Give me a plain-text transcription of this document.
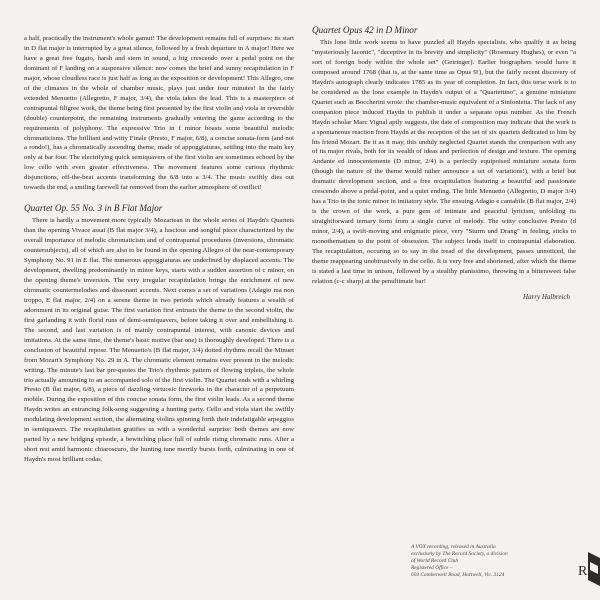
a half, practically the instrument's whole gamut! The development remains full of surprises: its start in D flat major is interrupted by a great silence, followed by a fresh departure in A major! Here we have a great free fugato, harsh and stern in sound, a big crescendo over a pedal point on the dominant of F landing on a suspensive silence: now comes the brief and sunny recapitulation in F major, whose cloudless race is just half as long as the exposition or development! This Allegro, one of the climaxes in the whole of chamber music, plays just under four minutes! In the fairly extended Menuetto (Allegretto, F major, 3/4), the viola takes the lead. This is a masterpiece of contrapuntal filigree work, the theme being first presented by the first violin and viola in reversible (double) counterpoint, the remaining instruments gradually entering the game according to the requirements of polyphony. The expressive Trio in f minor boasts some beautiful melodic chromaticisms. The brilliant and witty Finale (Presto, F major, 6/8), a concise sonata-form (and not a rondo!), has a chromatically ascending theme, made of appoggiaturas, settling into the main key only at bar four. The electrifying quick semiquavers of the first violin are sometimes echoed by the low cello with even greater effectiveness. The movement features some curious rhythmic disjunctions, off-the-beat accents transforming the 6/8 into a 3/4. The music swiftly dies out towards the end, a smiling farewell far removed from the earlier atmosphere of conflict!

Quartet Op. 55 No. 3 in B Flat Major

There is hardly a movement more typically Mozartean in the whole series of Haydn's Quartets than the opening Vivace assai (B flat major 3/4), a luscious and songful piece characterized by the overall importance of melodic chromaticism and of contrapuntal procedures (inversions, chromatic countersubjects), all of which are also to be found in the opening Allegro of the near-contemporary Symphony No. 91 in E flat. The numerous appoggiaturas are underlined by displaced accents. The development, dwelling predominantly in minor keys, starts with a sudden assertion of c minor, on the opening theme's inversion. The very irregular recapitulation brings the enrichment of new chromatic countermelodies and dissonant accents. Next comes a set of variations (Adagio ma non troppo, E flat major, 2/4) on a serene theme in two periods which already features a wealth of adornment in its original guise. The first variation first entrusts the theme to the second violin, the first garlanding it with florid runs of demi-semiquavers, before taking it over and embellishing it. The second, and last variation is of mainly contrapuntal interest, with canonic devices and imitations. At the same time, the theme's basic motive (bar one) is thoroughly developed. There is a conclusion of beautiful repose. The Menuetto's (B flat major, 3/4) dotted rhythms recall the Minuet from Mozart's Symphony No. 29 in A. The chromatic element remains ever present in the melodic writing. The minute's last bar pre-quotes the Trio's rhythmic pattern of flowing triplets, the whole trio actually amounting to an accompanied solo of the first violin. The Quartet ends with a whirling Presto (B flat major, 6/8), a piece of dazzling virtuosic fireworks in the character of a perpetuum mobile. During the exposition of this concise sonata form, the first violin leads. As a second theme Haydn writes an entrancing folk-song suggesting a hunting party. Cello and viola start the swiftly modulating development section, the alternating violins spinning forth their indefatigable arpeggios in semiquavers. The recapitulation gratifies us with a wonderful surprise: both themes are now parted by a new bridging episode, a bewitching place full of subtle rising chromatic runs. After a short rest amid harmonic chiaroscuro, the hunting tune merrily bursts forth, culminating in one of Haydn's most brilliant codas.

Quartet Opus 42 in D Minor

This lone little work seems to have puzzled all Haydn specialists, who qualify it as being "mysteriously laconic", "deceptive in its brevity and simplicity" (Rosemary Hughes), or even "a sort of foreign body within the whole set" (Geiringer). Earlier biographers would have it composed around 1768 (that is, at the same time as Opus 9!), but the fairly recent discovery of Haydn's autograph clearly indicates 1785 as its year of completion. In fact, this terse work is to be considered as the lone example in Haydn's output of a "Quartettino", a genuine miniature Quartet such as Boccherini wrote: the chamber-music equivalent of a Sinfonietta. The lack of any companion piece induced Haydn to publish it under a separate opus number. As the French Haydn scholar Marc Vignal aptly suggests, the date of composition may indicate that the work is a spontaneous reaction from Haydn at the reception of the set of six quartets dedicated to him by his friend Mozart. Be it as it may, this unduly neglected Quartet stands the comparison with any of its major rivals, both for its wealth of ideas and perfection of design and texture. The opening Andante ed innocentemente (D minor, 2/4) is a perfectly equipoised miniature sonata form (though the nature of the theme would rather announce a set of variations!), with a brief but dramatic development section, and a free recapitulation featuring a beautiful and passionate crescendo above a pedal-point, and a quiet ending. The little Menuetto (Allegretto, D major 3/4) has a Trio in the tonic minor in imitatory style. The ensuing Adagio e cantabile (B flat major, 2/4) is the crown of the work, a pure gem of intimate and peaceful lyricism, unfolding its straightforward ternary form from a single curve of melody. The witty conclusive Presto (d minor, 2/4), a swift-moving and enigmatic piece, very "Sturm und Drang" in feeling, sticks to monothematism to the point of obsession. The subject lends itself to contrapuntal elaboration. The recapitulation, occuring so to say in the tread of the development, passes unnoticed, the theme reappearing unobtrusively in the cello. It is very free and shortened, after which the theme is stated a last time in unison, followed by a stealthy pianissimo, throwing in a bittersweet false relation (c-c sharp) at the penultimate bar!

Harry Halbreich
A VOX recording, released in Australia
exclusively by The Record Society, a division
of World Record Club
Registered Office –
603 Camberwell Road, Hartwell, Vic. 3124	R
